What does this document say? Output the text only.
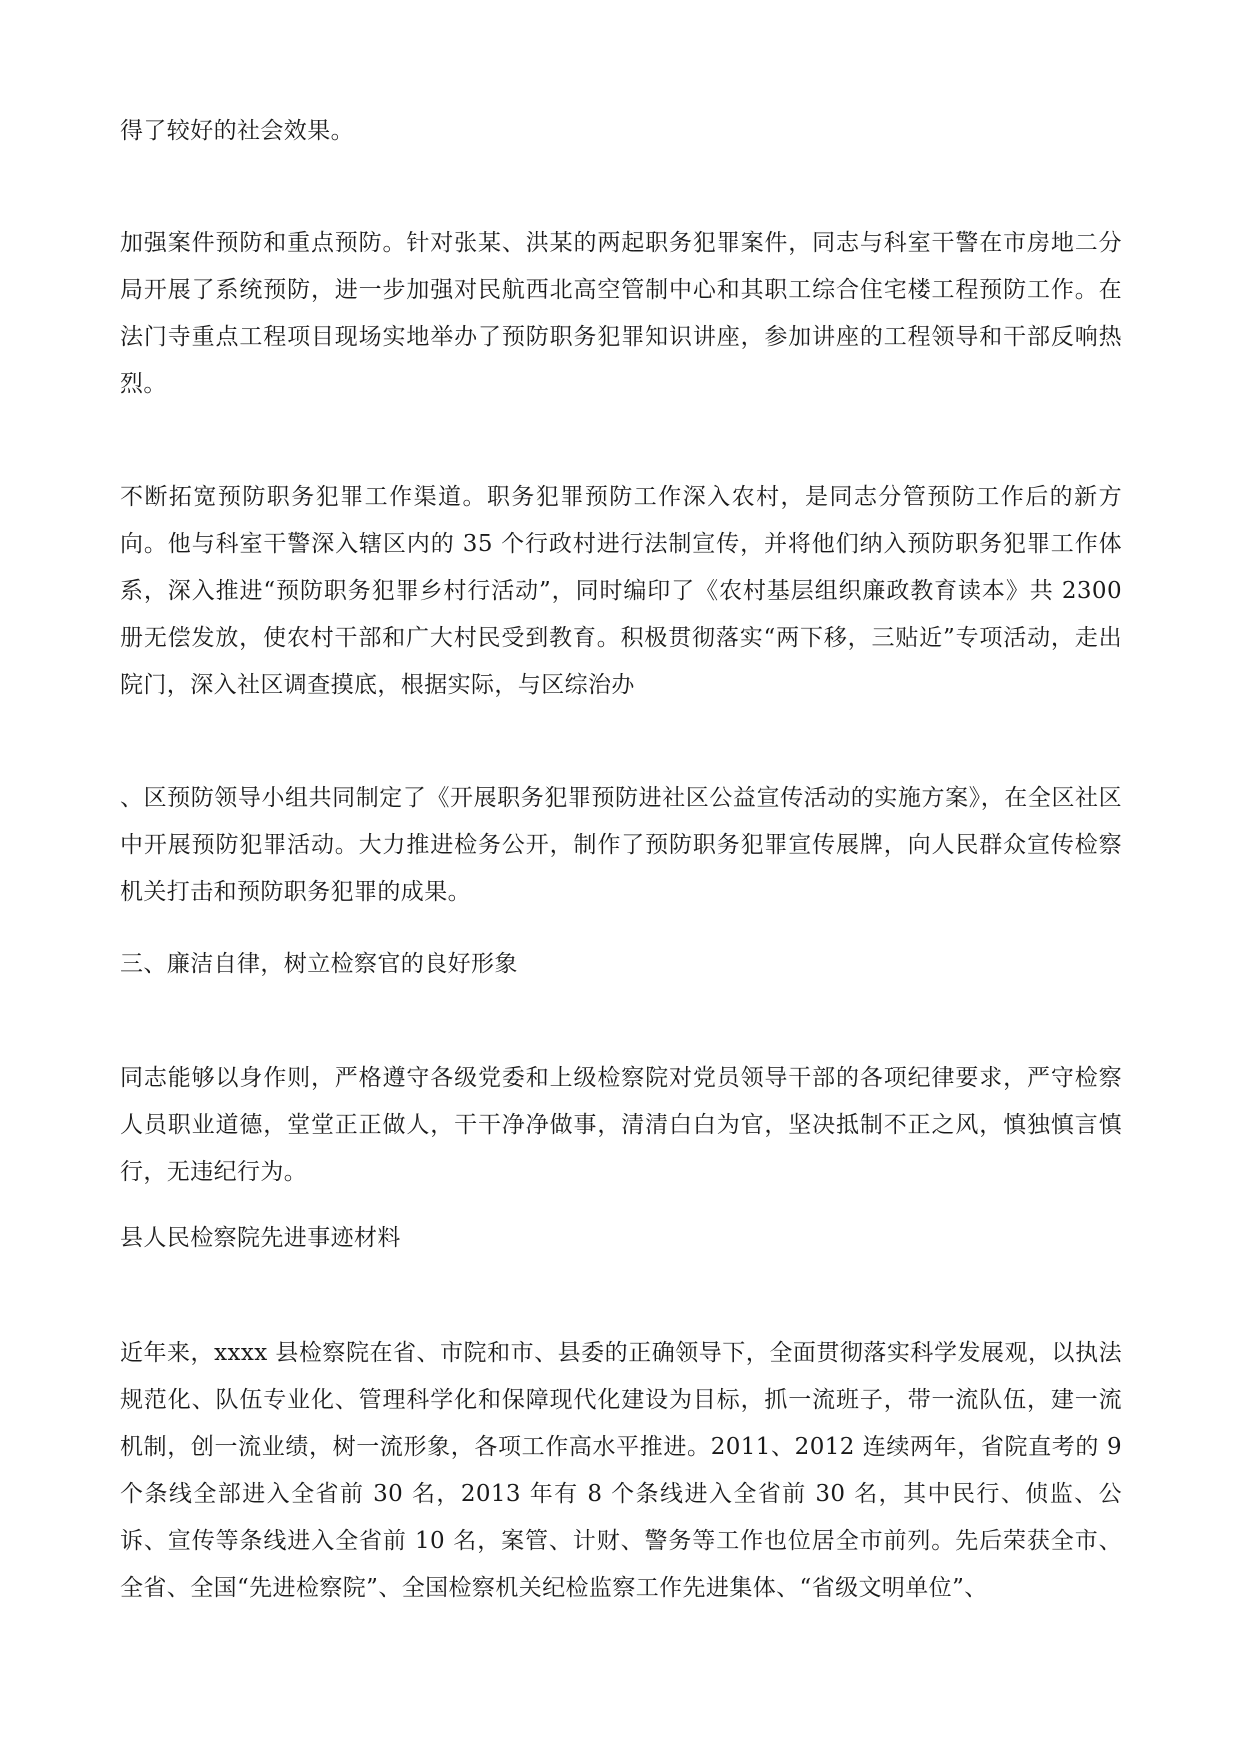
得了较好的社会效果。

加强案件预防和重点预防。针对张某、洪某的两起职务犯罪案件，同志与科室干警在市房地二分局开展了系统预防，进一步加强对民航西北高空管制中心和其职工综合住宅楼工程预防工作。在法门寺重点工程项目现场实地举办了预防职务犯罪知识讲座，参加讲座的工程领导和干部反响热烈。

不断拓宽预防职务犯罪工作渠道。职务犯罪预防工作深入农村，是同志分管预防工作后的新方向。他与科室干警深入辖区内的 35 个行政村进行法制宣传，并将他们纳入预防职务犯罪工作体系，深入推进“预防职务犯罪乡村行活动”，同时编印了《农村基层组织廉政教育读本》共 2300 册无偿发放，使农村干部和广大村民受到教育。积极贯彻落实“两下移，三贴近”专项活动，走出院门，深入社区调查摸底，根据实际，与区综治办

、区预防领导小组共同制定了《开展职务犯罪预防进社区公益宣传活动的实施方案》，在全区社区中开展预防犯罪活动。大力推进检务公开，制作了预防职务犯罪宣传展牌，向人民群众宣传检察机关打击和预防职务犯罪的成果。

三、廉洁自律，树立检察官的良好形象

同志能够以身作则，严格遵守各级党委和上级检察院对党员领导干部的各项纪律要求，严守检察人员职业道德，堂堂正正做人，干干净净做事，清清白白为官，坚决抵制不正之风，慎独慎言慎行，无违纪行为。

县人民检察院先进事迹材料

近年来，xxxx 县检察院在省、市院和市、县委的正确领导下，全面贯彻落实科学发展观，以执法规范化、队伍专业化、管理科学化和保障现代化建设为目标，抓一流班子，带一流队伍，建一流机制，创一流业绩，树一流形象，各项工作高水平推进。2011、2012 连续两年，省院直考的 9 个条线全部进入全省前 30 名，2013 年有 8 个条线进入全省前 30 名，其中民行、侦监、公诉、宣传等条线进入全省前 10 名，案管、计财、警务等工作也位居全市前列。先后荣获全市、全省、全国“先进检察院”、全国检察机关纪检监察工作先进集体、“省级文明单位”、
